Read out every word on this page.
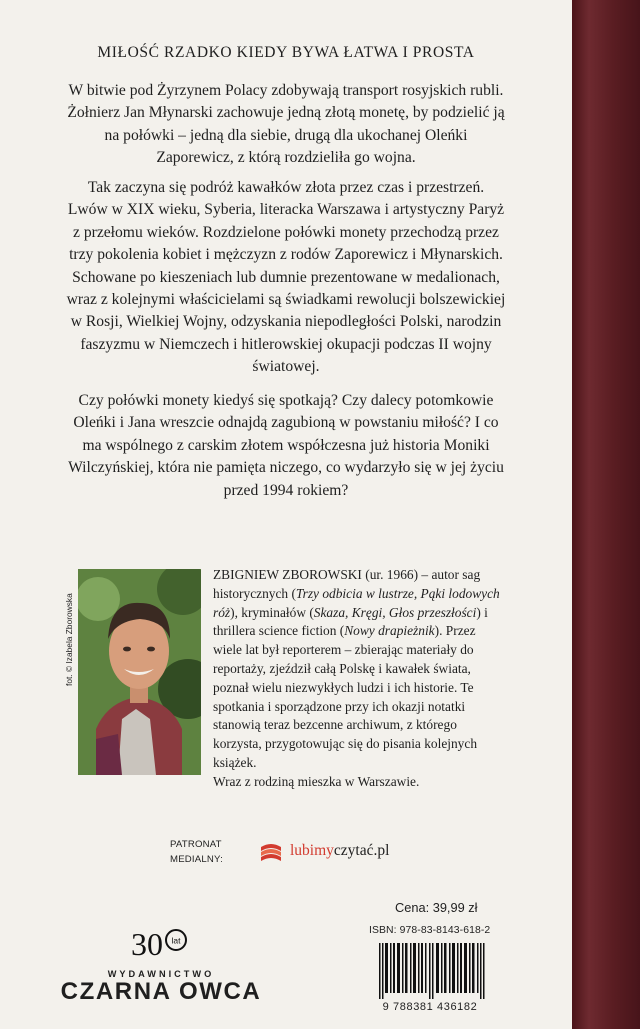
MIŁOŚĆ RZADKO KIEDY BYWA ŁATWA I PROSTA

W bitwie pod Żyrzynem Polacy zdobywają transport rosyjskich rubli. Żołnierz Jan Młynarski zachowuje jedną złotą monetę, by podzielić ją na połówki – jedną dla siebie, drugą dla ukochanej Oleńki Zaporewicz, z którą rozdzieliła go wojna.

Tak zaczyna się podróż kawałków złota przez czas i przestrzeń. Lwów w XIX wieku, Syberia, literacka Warszawa i artystyczny Paryż z przełomu wieków. Rozdzielone połówki monety przechodzą przez trzy pokolenia kobiet i mężczyzn z rodów Zaporewicz i Młynarskich. Schowane po kieszeniach lub dumnie prezentowane w medalionach, wraz z kolejnymi właścicielami są świadkami rewolucji bolszewickiej w Rosji, Wielkiej Wojny, odzyskania niepodległości Polski, narodzin faszyzmu w Niemczech i hitlerowskiej okupacji podczas II wojny światowej.

Czy połówki monety kiedyś się spotkają? Czy dalecy potomkowie Oleńki i Jana wreszcie odnajdą zagubioną w powstaniu miłość? I co ma wspólnego z carskim złotem współczesna już historia Moniki Wilczyńskiej, która nie pamięta niczego, co wydarzyło się w jej życiu przed 1994 rokiem?

fot. © Izabela Zborowska

ZBIGNIEW ZBOROWSKI (ur. 1966) – autor sag historycznych (Trzy odbicia w lustrze, Pąki lodowych róż), kryminałów (Skaza, Kręgi, Głos przeszłości) i thrillera science fiction (Nowy drapieżnik). Przez wiele lat był reporterem – zbierając materiały do reportaży, zjeździł całą Polskę i kawałek świata, poznał wielu niezwykłych ludzi i ich historie. Te spotkania i sporządzone przy ich okazji notatki stanowią teraz bezcenne archiwum, z którego korzysta, przygotowując się do pisania kolejnych książek.
Wraz z rodziną mieszka w Warszawie.

PATRONAT
MEDIALNY:
lubimyczytać.pl
Cena: 39,99 zł
ISBN: 978-83-8143-618-2
9 788381 436182
30 lat
WYDAWNICTWO
CZARNA OWCA
